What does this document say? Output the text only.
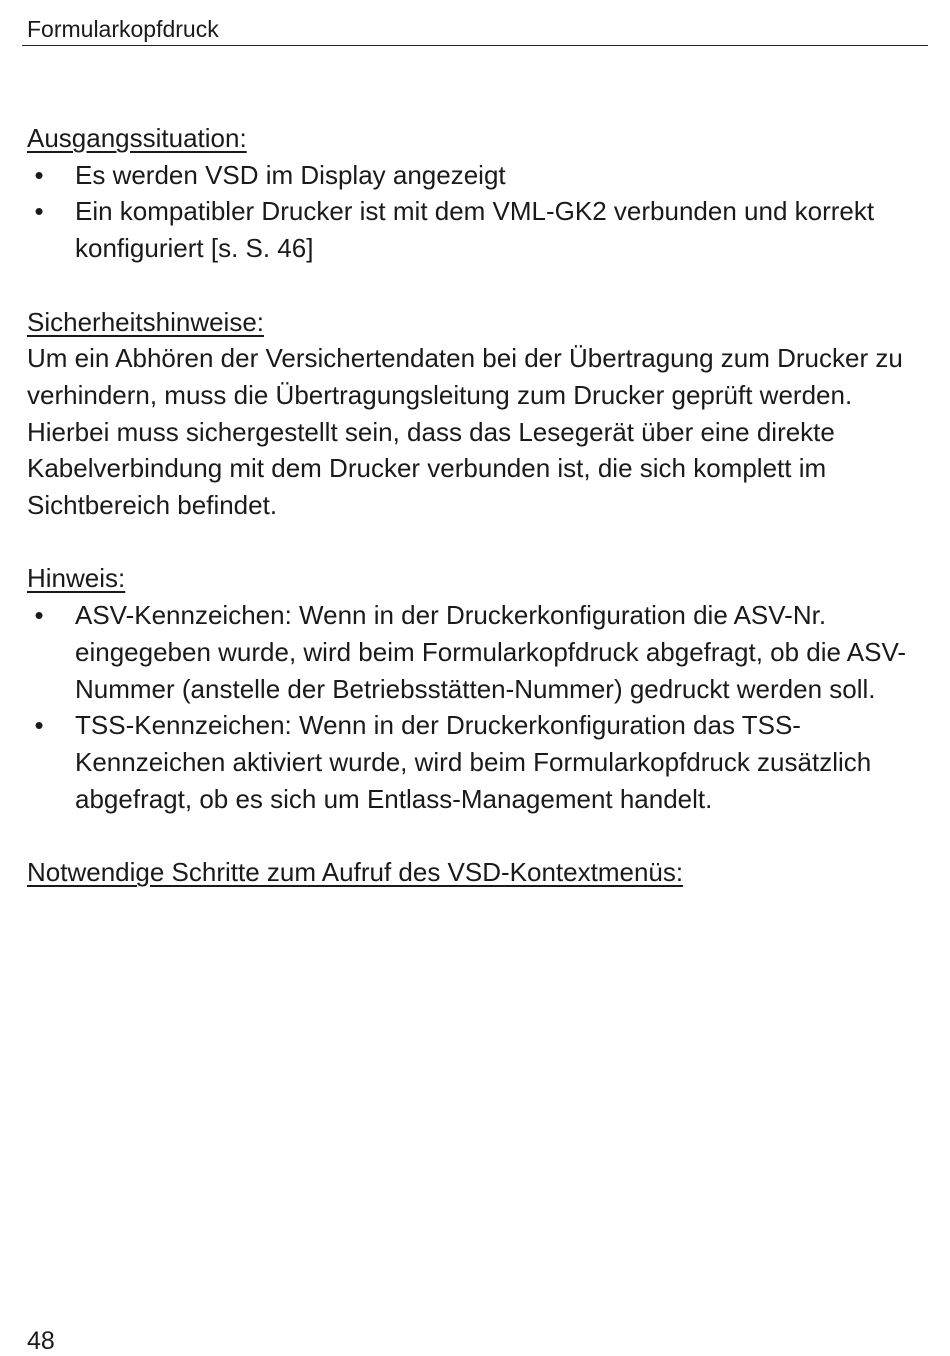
Formularkopfdruck
Ausgangssituation:
• Es werden VSD im Display angezeigt
• Ein kompatibler Drucker ist mit dem VML-GK2 verbunden und korrekt konfiguriert [s. S. 46]
Sicherheitshinweise:

Um ein Abhören der Versichertendaten bei der Übertragung zum Drucker zu verhindern, muss die Übertragungsleitung zum Drucker geprüft werden.

Hierbei muss sichergestellt sein, dass das Lesegerät über eine direkte Kabelverbindung mit dem Drucker verbunden ist, die sich komplett im Sichtbereich befindet.

Hinweis:
• ASV-Kennzeichen: Wenn in der Druckerkonfiguration die ASV-Nr. eingegeben wurde, wird beim Formularkopfdruck abgefragt, ob die ASV-Nummer (anstelle der Betriebsstätten-Nummer) gedruckt werden soll.
• TSS-Kennzeichen: Wenn in der Druckerkonfiguration das TSS-Kennzeichen aktiviert wurde, wird beim Formularkopfdruck zusätzlich abgefragt, ob es sich um Entlass-Management handelt.
Notwendige Schritte zum Aufruf des VSD-Kontextmenüs:
48
